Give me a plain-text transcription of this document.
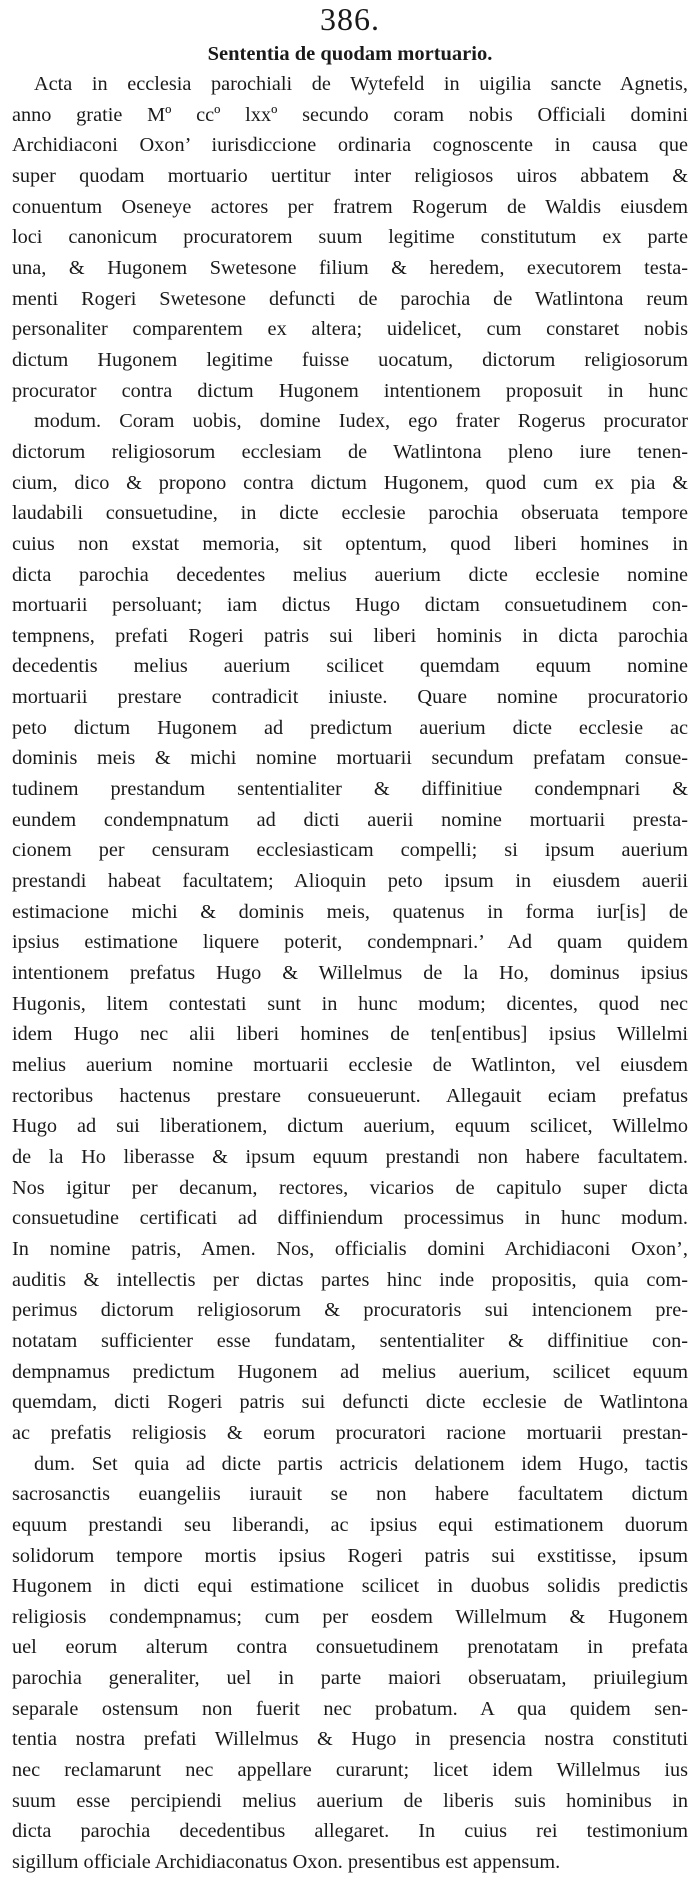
386.
Sententia de quodam mortuario.
Acta in ecclesia parochiali de Wytefeld in uigilia sancte Agnetis,
anno gratie Mº ccº lxxº secundo coram nobis Officiali domini
Archidiaconi Oxon’ iurisdiccione ordinaria cognoscente in causa que
super quodam mortuario uertitur inter religiosos uiros abbatem &
conuentum Oseneye actores per fratrem Rogerum de Waldis eiusdem
loci canonicum procuratorem suum legitime constitutum ex parte
una, & Hugonem Swetesone filium & heredem, executorem testa-
menti Rogeri Swetesone defuncti de parochia de Watlintona reum
personaliter comparentem ex altera; uidelicet, cum constaret nobis
dictum Hugonem legitime fuisse uocatum, dictorum religiosorum
procurator contra dictum Hugonem intentionem proposuit in hunc
modum. Coram uobis, domine Iudex, ego frater Rogerus procurator
dictorum religiosorum ecclesiam de Watlintona pleno iure tenen-
cium, dico & propono contra dictum Hugonem, quod cum ex pia &
laudabili consuetudine, in dicte ecclesie parochia obseruata tempore
cuius non exstat memoria, sit optentum, quod liberi homines in
dicta parochia decedentes melius auerium dicte ecclesie nomine
mortuarii persoluant; iam dictus Hugo dictam consuetudinem con-
tempnens, prefati Rogeri patris sui liberi hominis in dicta parochia
decedentis melius auerium scilicet quemdam equum nomine
mortuarii prestare contradicit iniuste. Quare nomine procuratorio
peto dictum Hugonem ad predictum auerium dicte ecclesie ac
dominis meis & michi nomine mortuarii secundum prefatam consue-
tudinem prestandum sententialiter & diffinitiue condempnari &
eundem condempnatum ad dicti auerii nomine mortuarii presta-
cionem per censuram ecclesiasticam compelli; si ipsum auerium
prestandi habeat facultatem; Alioquin peto ipsum in eiusdem auerii
estimacione michi & dominis meis, quatenus in forma iur[is] de
ipsius estimatione liquere poterit, condempnari.’ Ad quam quidem
intentionem prefatus Hugo & Willelmus de la Ho, dominus ipsius
Hugonis, litem contestati sunt in hunc modum; dicentes, quod nec
idem Hugo nec alii liberi homines de ten[entibus] ipsius Willelmi
melius auerium nomine mortuarii ecclesie de Watlinton, vel eiusdem
rectoribus hactenus prestare consueuerunt. Allegauit eciam prefatus
Hugo ad sui liberationem, dictum auerium, equum scilicet, Willelmo
de la Ho liberasse & ipsum equum prestandi non habere facultatem.
Nos igitur per decanum, rectores, vicarios de capitulo super dicta
consuetudine certificati ad diffiniendum processimus in hunc modum.
In nomine patris, Amen. Nos, officialis domini Archidiaconi Oxon’,
auditis & intellectis per dictas partes hinc inde propositis, quia com-
perimus dictorum religiosorum & procuratoris sui intencionem pre-
notatam sufficienter esse fundatam, sententialiter & diffinitiue con-
dempnamus predictum Hugonem ad melius auerium, scilicet equum
quemdam, dicti Rogeri patris sui defuncti dicte ecclesie de Watlintona
ac prefatis religiosis & eorum procuratori racione mortuarii prestan-
dum. Set quia ad dicte partis actricis delationem idem Hugo, tactis
sacrosanctis euangeliis iurauit se non habere facultatem dictum
equum prestandi seu liberandi, ac ipsius equi estimationem duorum
solidorum tempore mortis ipsius Rogeri patris sui exstitisse, ipsum
Hugonem in dicti equi estimatione scilicet in duobus solidis predictis
religiosis condempnamus; cum per eosdem Willelmum & Hugonem
uel eorum alterum contra consuetudinem prenotatam in prefata
parochia generaliter, uel in parte maiori obseruatam, priuilegium
separale ostensum non fuerit nec probatum. A qua quidem sen-
tentia nostra prefati Willelmus & Hugo in presencia nostra constituti
nec reclamarunt nec appellare curarunt; licet idem Willelmus ius
suum esse percipiendi melius auerium de liberis suis hominibus in
dicta parochia decedentibus allegaret. In cuius rei testimonium
sigillum officiale Archidiaconatus Oxon. presentibus est appensum.
